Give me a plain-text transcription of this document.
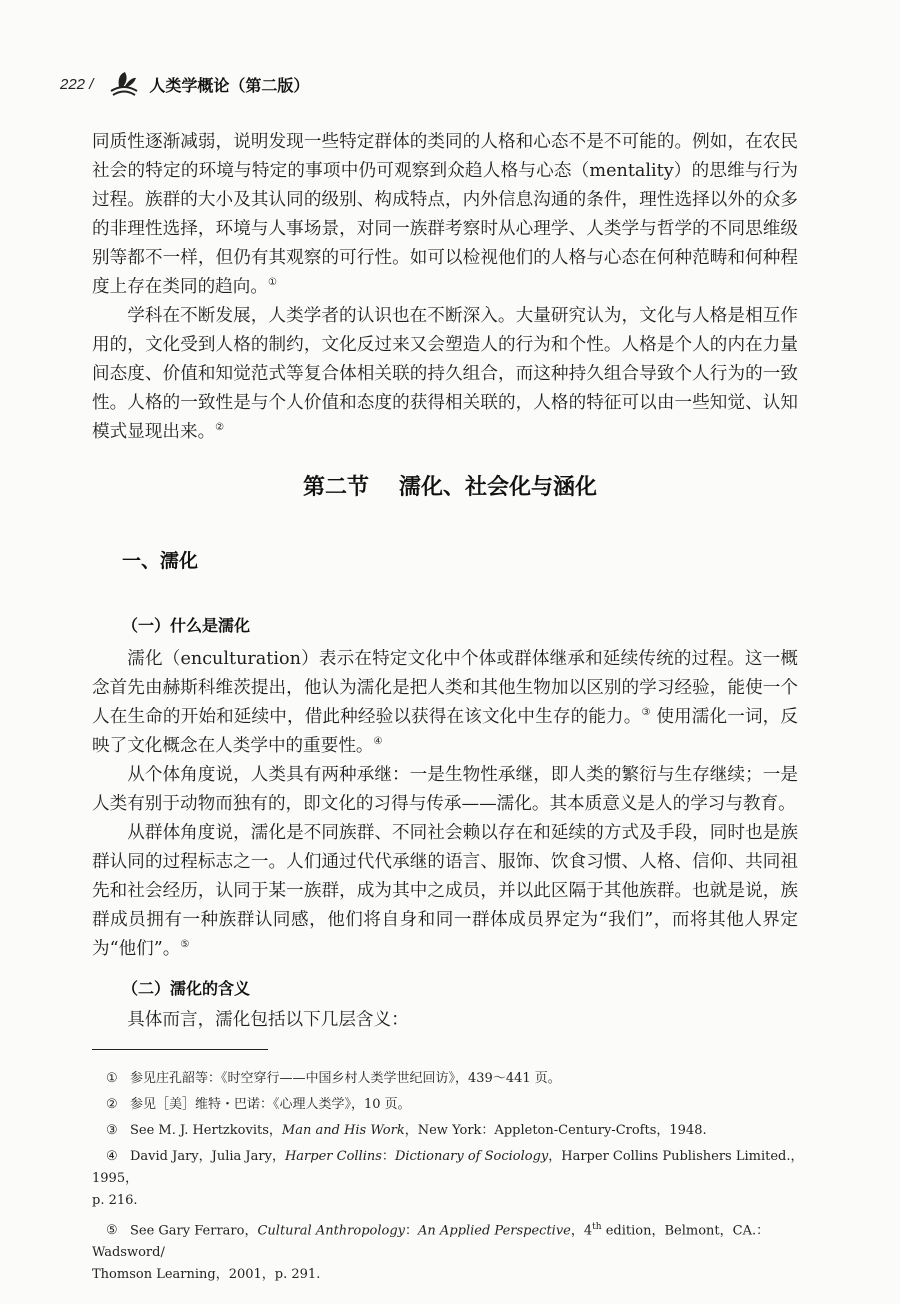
222 /	人类学概论（第二版）

同质性逐渐减弱，说明发现一些特定群体的类同的人格和心态不是不可能的。例如，在农民社会的特定的环境与特定的事项中仍可观察到众趋人格与心态（mentality）的思维与行为过程。族群的大小及其认同的级别、构成特点，内外信息沟通的条件，理性选择以外的众多的非理性选择，环境与人事场景，对同一族群考察时从心理学、人类学与哲学的不同思维级别等都不一样，但仍有其观察的可行性。如可以检视他们的人格与心态在何种范畴和何种程度上存在类同的趋向。①

学科在不断发展，人类学者的认识也在不断深入。大量研究认为，文化与人格是相互作用的，文化受到人格的制约，文化反过来又会塑造人的行为和个性。人格是个人的内在力量间态度、价值和知觉范式等复合体相关联的持久组合，而这种持久组合导致个人行为的一致性。人格的一致性是与个人价值和态度的获得相关联的，人格的特征可以由一些知觉、认知模式显现出来。②

第二节 濡化、社会化与涵化
一、濡化
（一）什么是濡化

濡化（enculturation）表示在特定文化中个体或群体继承和延续传统的过程。这一概念首先由赫斯科维茨提出，他认为濡化是把人类和其他生物加以区别的学习经验，能使一个人在生命的开始和延续中，借此种经验以获得在该文化中生存的能力。③ 使用濡化一词，反映了文化概念在人类学中的重要性。④

从个体角度说，人类具有两种承继：一是生物性承继，即人类的繁衍与生存继续；一是人类有别于动物而独有的，即文化的习得与传承——濡化。其本质意义是人的学习与教育。

从群体角度说，濡化是不同族群、不同社会赖以存在和延续的方式及手段，同时也是族群认同的过程标志之一。人们通过代代承继的语言、服饰、饮食习惯、人格、信仰、共同祖先和社会经历，认同于某一族群，成为其中之成员，并以此区隔于其他族群。也就是说，族群成员拥有一种族群认同感，他们将自身和同一群体成员界定为“我们”，而将其他人界定为“他们”。⑤

（二）濡化的含义

具体而言，濡化包括以下几层含义：

① 参见庄孔韶等：《时空穿行——中国乡村人类学世纪回访》，439～441 页。

② 参见［美］维特・巴诺：《心理人类学》，10 页。

③ See M. J. Hertzkovits，Man and His Work，New York：Appleton-Century-Crofts，1948.

④ David Jary，Julia Jary，Harper Collins：Dictionary of Sociology，Harper Collins Publishers Limited.，1995，
p. 216.

⑤ See Gary Ferraro，Cultural Anthropology：An Applied Perspective，4th edition，Belmont，CA.：Wadsword/
Thomson Learning，2001，p. 291.
